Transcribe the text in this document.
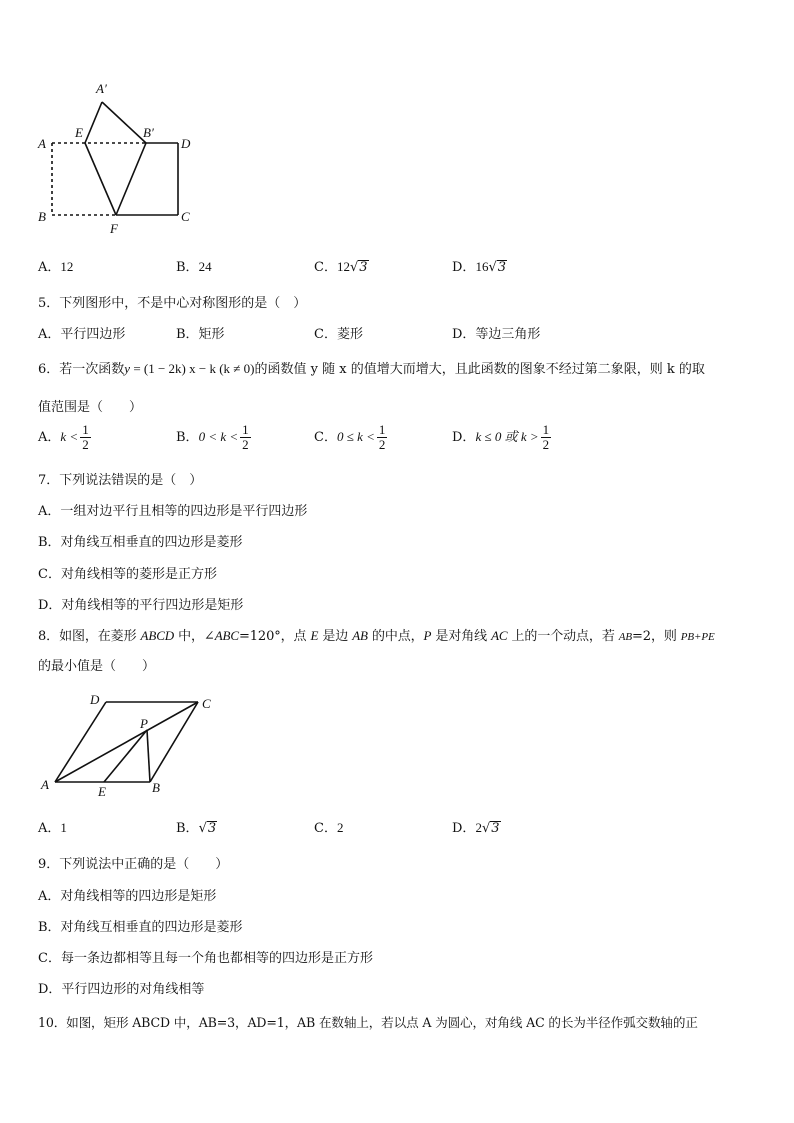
A′
A
E	B′
D
B
F
C
A．12	B．24	C．12√3	D．16√3
5．下列图形中，不是中心对称图形的是（　）
A．平行四边形	B．矩形	C．菱形	D．等边三角形
6．若一次函数y = (1 − 2k) x − k (k ≠ 0)的函数值 y 随 x 的值增大而增大，且此函数的图象不经过第二象限，则 k 的取
值范围是（　　）
A．$k < \frac{1}{2}$	B．$0 < k < \frac{1}{2}$	C．$0 \le k < \frac{1}{2}$	D．k ≤ 0 或 $k > \frac{1}{2}$
7．下列说法错误的是（　）
A．一组对边平行且相等的四边形是平行四边形
B．对角线互相垂直的四边形是菱形
C．对角线相等的菱形是正方形
D．对角线相等的平行四边形是矩形
8．如图，在菱形 ABCD 中，∠ABC=120°，点 E 是边 AB 的中点，P 是对角线 AC 上的一个动点，若 AB=2，则 PB+PE
的最小值是（　　）
D	C
P
A	E	B
A．1	B．√3	C．2	D．2√3
9．下列说法中正确的是（　　）
A．对角线相等的四边形是矩形
B．对角线互相垂直的四边形是菱形
C．每一条边都相等且每一个角也都相等的四边形是正方形
D．平行四边形的对角线相等
10．如图，矩形 ABCD 中，AB=3，AD=1，AB 在数轴上，若以点 A 为圆心，对角线 AC 的长为半径作弧交数轴的正
